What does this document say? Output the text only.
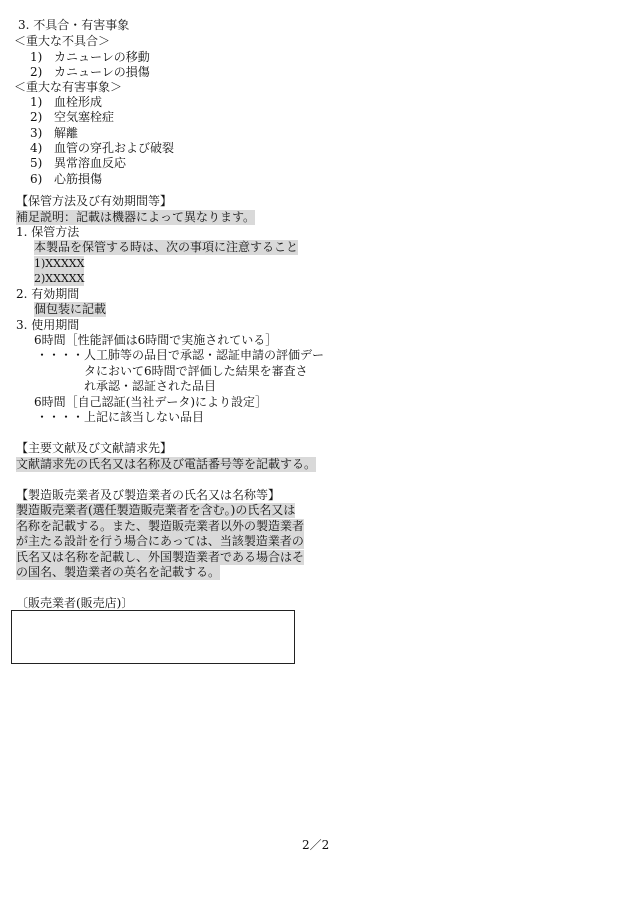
3. 不具合・有害事象
＜重大な不具合＞
1) カニューレの移動
2) カニューレの損傷
＜重大な有害事象＞
1) 血栓形成
2) 空気塞栓症
3) 解離
4) 血管の穿孔および破裂
5) 異常溶血反応
6) 心筋損傷
【保管方法及び有効期間等】
補足説明：記載は機器によって異なります。
1. 保管方法
本製品を保管する時は、次の事項に注意すること
1)XXXXX
2)XXXXX
2. 有効期間
個包装に記載
3. 使用期間
6時間［性能評価は6時間で実施されている］
・・・・人工肺等の品目で承認・認証申請の評価デー
タにおいて6時間で評価した結果を審査さ
れ承認・認証された品目
6時間［自己認証(当社データ)により設定］
・・・・上記に該当しない品目
【主要文献及び文献請求先】
文献請求先の氏名又は名称及び電話番号等を記載する。
【製造販売業者及び製造業者の氏名又は名称等】
製造販売業者(選任製造販売業者を含む。)の氏名又は
名称を記載する。また、製造販売業者以外の製造業者
が主たる設計を行う場合にあっては、当該製造業者の
氏名又は名称を記載し、外国製造業者である場合はそ
の国名、製造業者の英名を記載する。
〔販売業者(販売店)〕
2／2
